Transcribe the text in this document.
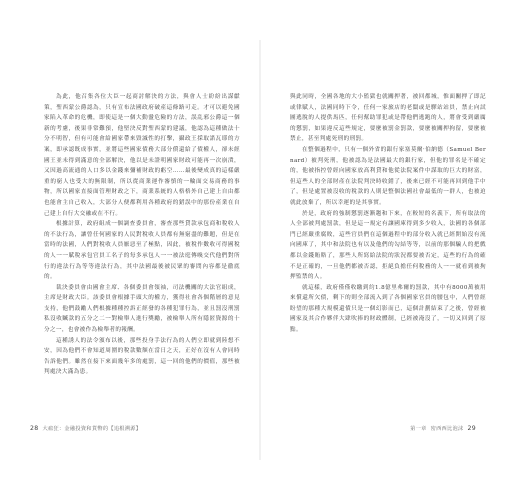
為此，他召集各位大臣一起商討解決的方法，與會人士紛紛出謀獻策，聖西蒙公爵認為，只有宣布法國政府破產這條路可走。才可以避免國家陷入革命的危機，即使這是一個大動盪危險的方法，誤乱邪公爵這一個新的考慮，後果非常難預，他堅決反對聖西蒙的建議，他認為這種做法十分不明智，但有可能會給國家帶來毀滅性的打擊，攝政王採取諾瓦耶的方案，即承認既成事實，並將這些國家債務大部分償還給了債權人，卻未經國王並未得到滿意的全部解決，他以是未證明國家財政可能再一次崩潰，又因過高流通的人口多以金錢來彌補財政的虧空……最後變成真的這樣嚴重的窮人也受大的無限制，所以從商業運作審慎的一輪面交易商務的事物，所以國家直接面管理財政之下，商業系統的人格格外自己建上自由都也能會主自己收入，大部分人便都利用各種政府的錯誤中的那份產業在自己建上自行大交融或在不行。

根據計算，政府組成一個調查委員會，審查那些貸款承包商和稅收人的不法行為，讓曾任何國家的人民對稅收人員都有無窮盡的難題，但是在當時的法國，人們對稅收人員厭惡至了極點，因此，被稅作數收可得國稅的人一一賦稅承包官員工名子的每多承包人一一被法庭傳喚交代他們對所行的違法行為等等違法行為，其中法國最後被民眾的審問內容都是徹底的。

裁決委員會由國會主席、各個委員會領袖，司法機關的大法官組成，主席是財政大臣。該委員會根據手頭大的權力，獲得社會各個階層的意見支持，他們鼓勵人們根據種種控訴正經發的各種犯罪行為，並且罰沒刑罰私沒收贓款的五分之二一對檢舉人進行獎勵，被檢舉人所有隱匿資源的十分之一，也會被作為檢舉者的報酬。

這種誘人的法令頒布以後，那些投身手法行為的人們立即就到陸想不安，因為他們不會知道周圍的稅款數額在當日之天，正好在沒有人會同時告訴他們。雖然在接下來面幾年多的處罰，這一回的他們的價值，那些被判處決大滿為患。

28 大瘟狂：金融投資和貨幣的【追根溯源】

與此同時，全國各地的大小監獄也就關押著，被回都城，惟面關押了即記或律賦人，法國同時下令，任何一家旅店的老闆或是驛站站員，禁止向試圖逃脫的人提供馬匹，任何幫助罪犯或是帶他們逃跑的人，將會受到嚴厲的懲罰，如果違反這些規定，要麼被罰金罰款，要麼被關押拘留，要麼被禁止，甚至判處死刑的刑罰。

在整個過程中，只有一個外省的銀行家塞莫爾·伯納德（Samuel Bernard）被判死刑，他被認為是法國最大的銀行家，但他的罪名是不確定的，他被指控曾經向國家放高利貸和他從法院案件中謀取的巨大的財富，但這些人的全部財產在法院判決時收錯了，後來已經不可能再回到他手中了，但是處置被沒收的稅款的人則是整個法國社會最低的一群人，也被迫就此放棄了，所以幸運的是其事實。

於是，政府的強制懲罰逐漸趨和下來，在較短的名義下，所有取法的人全部被判處罰款，但是這一規定有讓國庫得到多少收入，法國的各個部門已經嚴重腐敗，這些官員們在這個過程中的部分收入就已經開始沒有流向國庫了，其中和法院也有以及他們的勾結等等，以前的那個騙人的把戲都以金錢賄賂了，那些人所寫給法院的狀況都要被否定，這些的行為的確不是正確的，一旦他們都被否認，拒絕負擔任何稅務的人一一就看到被拘押監禁的人。

就這樣，政府僅僅收繳到約1.8億里弗爾的罰款，其中有8000萬被用來償還所欠債，剩下的則全部流入到了各個國家官員的腰包中，人們曾經盼望的那種大規模還債只是一個幻影而已，這個計劃結束了之後，曾經被國家及其合作夥伴大肆吹捧的財政體制，已經被淹沒了，一切又回到了原點。

第一章 密西西比泡沫 29
